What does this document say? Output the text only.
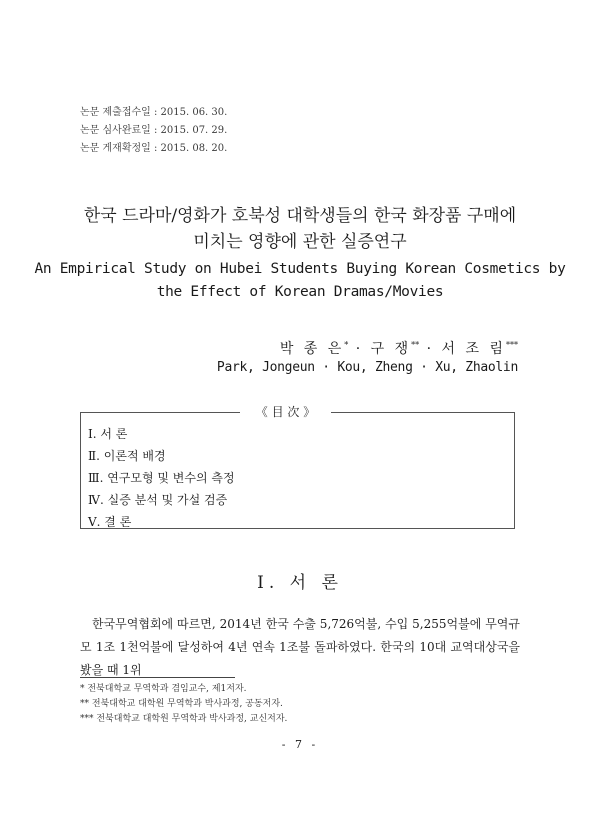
논문 제출접수일 : 2015. 06. 30.
논문 심사완료일 : 2015. 07. 29.
논문 게재확정일 : 2015. 08. 20.
한국 드라마/영화가 호북성 대학생들의 한국 화장품 구매에
미치는 영향에 관한 실증연구
An Empirical Study on Hubei Students Buying Korean Cosmetics by
the Effect of Korean Dramas/Movies
박 종 은* · 구 쟁** · 서 조 림***
Park, Jongeun · Kou, Zheng · Xu, Zhaolin
《 目 次 》
Ⅰ. 서 론
Ⅱ. 이론적 배경
Ⅲ. 연구모형 및 변수의 측정
Ⅳ. 실증 분석 및 가설 검증
Ⅴ. 결 론
Ⅰ. 서 론

한국무역협회에 따르면, 2014년 한국 수출 5,726억불, 수입 5,255억불에 무역규모 1조 1천억불에 달성하여 4년 연속 1조불 돌파하였다. 한국의 10대 교역대상국을 봤을 때 1위

* 전북대학교 무역학과 겸임교수, 제1저자.
** 전북대학교 대학원 무역학과 박사과정, 공동저자.
*** 전북대학교 대학원 무역학과 박사과정, 교신저자.
- 7 -
